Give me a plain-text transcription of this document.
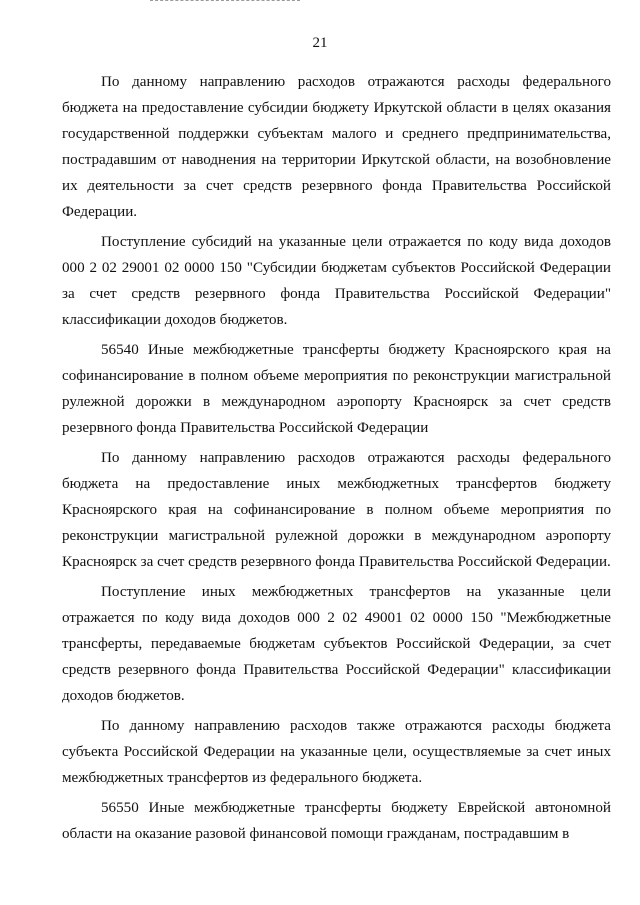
21

По данному направлению расходов отражаются расходы федерального бюджета на предоставление субсидии бюджету Иркутской области в целях оказания государственной поддержки субъектам малого и среднего предпринимательства, пострадавшим от наводнения на территории Иркутской области, на возобновление их деятельности за счет средств резервного фонда Правительства Российской Федерации.

Поступление субсидий на указанные цели отражается по коду вида доходов 000 2 02 29001 02 0000 150 "Субсидии бюджетам субъектов Российской Федерации за счет средств резервного фонда Правительства Российской Федерации" классификации доходов бюджетов.

56540 Иные межбюджетные трансферты бюджету Красноярского края на софинансирование в полном объеме мероприятия по реконструкции магистральной рулежной дорожки в международном аэропорту Красноярск за счет средств резервного фонда Правительства Российской Федерации

По данному направлению расходов отражаются расходы федерального бюджета на предоставление иных межбюджетных трансфертов бюджету Красноярского края на софинансирование в полном объеме мероприятия по реконструкции магистральной рулежной дорожки в международном аэропорту Красноярск за счет средств резервного фонда Правительства Российской Федерации.

Поступление иных межбюджетных трансфертов на указанные цели отражается по коду вида доходов 000 2 02 49001 02 0000 150 "Межбюджетные трансферты, передаваемые бюджетам субъектов Российской Федерации, за счет средств резервного фонда Правительства Российской Федерации" классификации доходов бюджетов.

По данному направлению расходов также отражаются расходы бюджета субъекта Российской Федерации на указанные цели, осуществляемые за счет иных межбюджетных трансфертов из федерального бюджета.

56550 Иные межбюджетные трансферты бюджету Еврейской автономной области на оказание разовой финансовой помощи гражданам, пострадавшим в
